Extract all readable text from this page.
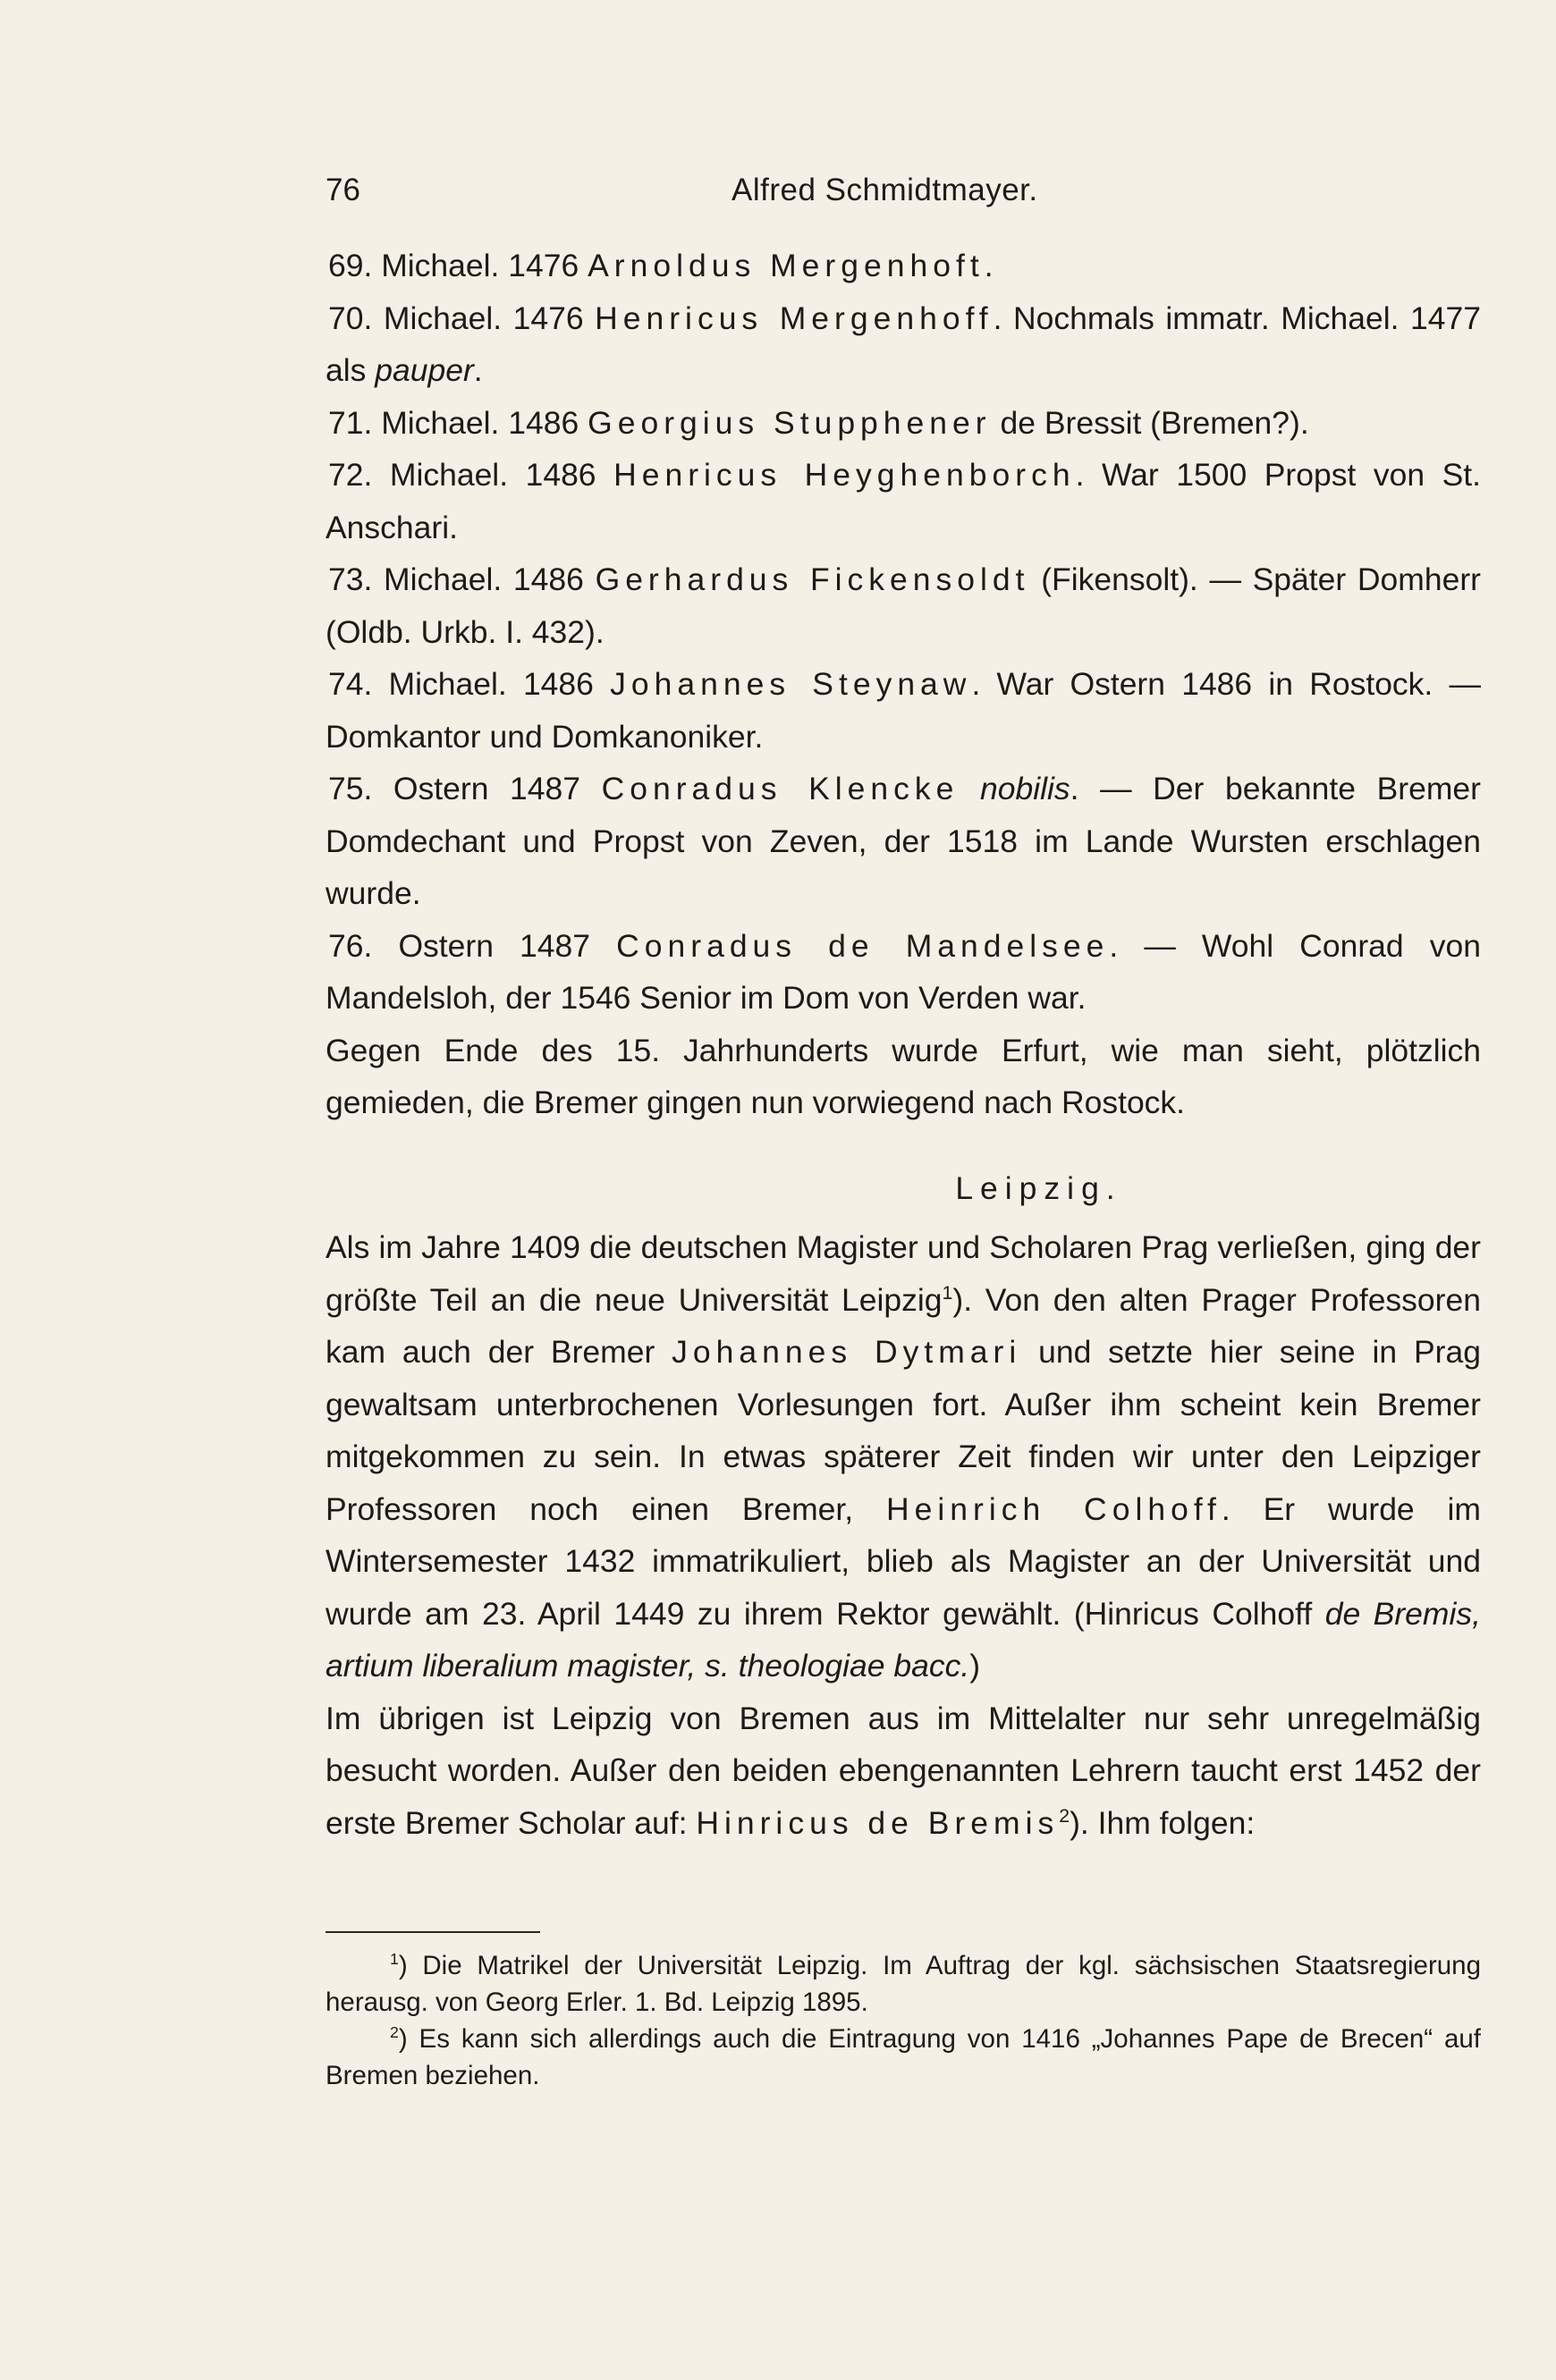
76	Alfred Schmidtmayer.

69. Michael. 1476 Arnoldus Mergenhoft.

70. Michael. 1476 Henricus Mergenhoff. Nochmals immatr. Michael. 1477 als pauper.

71. Michael. 1486 Georgius Stupphener de Bressit (Bremen?).

72. Michael. 1486 Henricus Heyghenborch. War 1500 Propst von St. Anschari.

73. Michael. 1486 Gerhardus Fickensoldt (Fikensolt). — Später Domherr (Oldb. Urkb. I. 432).

74. Michael. 1486 Johannes Steynaw. War Ostern 1486 in Rostock. — Domkantor und Domkanoniker.

75. Ostern 1487 Conradus Klencke nobilis. — Der bekannte Bremer Domdechant und Propst von Zeven, der 1518 im Lande Wursten erschlagen wurde.

76. Ostern 1487 Conradus de Mandelsee. — Wohl Conrad von Mandelsloh, der 1546 Senior im Dom von Verden war.

Gegen Ende des 15. Jahrhunderts wurde Erfurt, wie man sieht, plötzlich gemieden, die Bremer gingen nun vorwiegend nach Rostock.

Leipzig.

Als im Jahre 1409 die deutschen Magister und Scholaren Prag verließen, ging der größte Teil an die neue Universität Leipzig$^1$). Von den alten Prager Professoren kam auch der Bremer Johannes Dytmari und setzte hier seine in Prag gewaltsam unterbrochenen Vorlesungen fort. Außer ihm scheint kein Bremer mitgekommen zu sein. In etwas späterer Zeit finden wir unter den Leipziger Professoren noch einen Bremer, Heinrich Colhoff. Er wurde im Wintersemester 1432 immatrikuliert, blieb als Magister an der Universität und wurde am 23. April 1449 zu ihrem Rektor gewählt. (Hinricus Colhoff de Bremis, artium liberalium magister, s. theologiae bacc.)

Im übrigen ist Leipzig von Bremen aus im Mittelalter nur sehr unregelmäßig besucht worden. Außer den beiden ebengenannten Lehrern taucht erst 1452 der erste Bremer Scholar auf: Hinricus de Bremis$^2$). Ihm folgen:

$^1$) Die Matrikel der Universität Leipzig. Im Auftrag der kgl. sächsischen Staatsregierung herausg. von Georg Erler. 1. Bd. Leipzig 1895.

$^2$) Es kann sich allerdings auch die Eintragung von 1416 „Johannes Pape de Brecen“ auf Bremen beziehen.
